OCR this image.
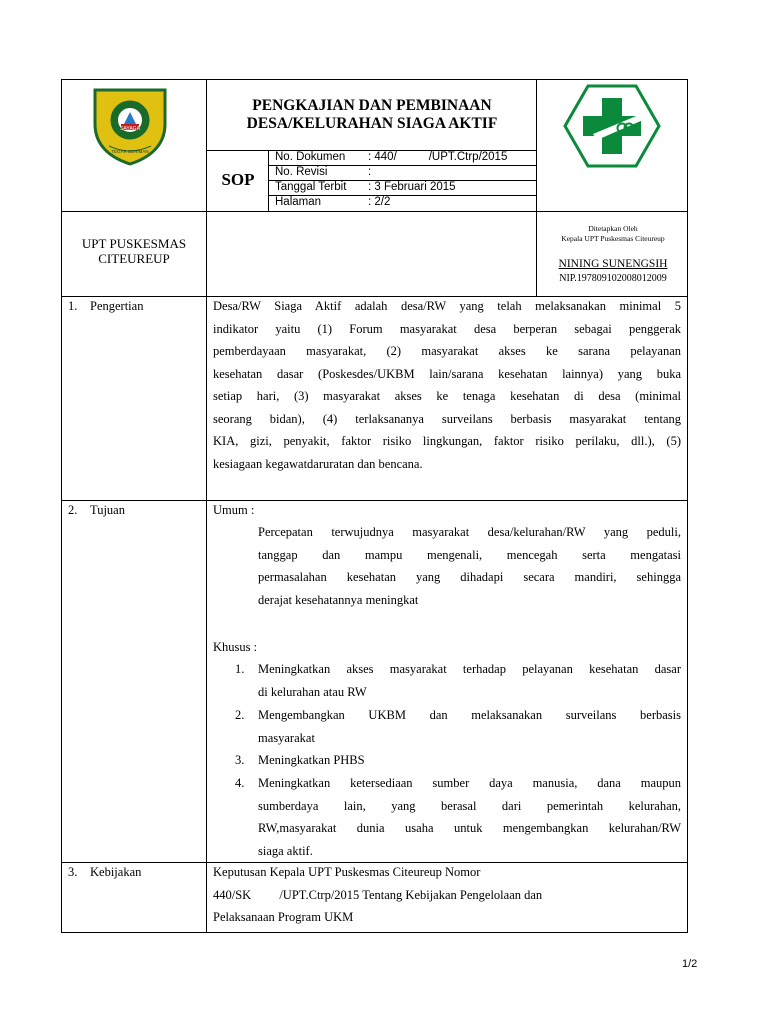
SAYAGA
TEGAR BERIMAN
PENGKAJIAN DAN PEMBINAAN DESA/KELURAHAN SIAGA AKTIF
SOP
No. Dokumen : 440/          /UPT.Ctrp/2015
No. Revisi	:
Tanggal Terbit : 3 Februari 2015
Halaman	: 2/2
UPT PUSKESMAS CITEUREUP
Ditetapkan Oleh
Kepala UPT Puskesmas Citeureup
NINING SUNENGSIH
NIP.197809102008012009
1. Pengertian	Desa/RW Siaga Aktif adalah desa/RW yang telah melaksanakan minimal 5
indikator yaitu (1) Forum masyarakat desa berperan sebagai penggerak
pemberdayaan masyarakat, (2) masyarakat akses ke sarana pelayanan
kesehatan dasar (Poskesdes/UKBM lain/sarana kesehatan lainnya) yang buka
setiap hari, (3) masyarakat akses ke tenaga kesehatan di desa (minimal
seorang bidan), (4) terlaksananya surveilans berbasis masyarakat tentang
KIA, gizi, penyakit, faktor risiko lingkungan, faktor risiko perilaku, dll.), (5)
kesiagaan kegawatdaruratan dan bencana.
2. Tujuan	Umum :
Percepatan terwujudnya masyarakat desa/kelurahan/RW yang peduli,
tanggap dan mampu mengenali, mencegah serta mengatasi
permasalahan kesehatan yang dihadapi secara mandiri, sehingga
derajat kesehatannya meningkat
Khusus :
1. Meningkatkan akses masyarakat terhadap pelayanan kesehatan dasar
di kelurahan atau RW
2. Mengembangkan UKBM dan melaksanakan surveilans berbasis
masyarakat
3. Meningkatkan PHBS
4. Meningkatkan ketersediaan sumber daya manusia, dana maupun
sumberdaya lain, yang berasal dari pemerintah kelurahan,
RW,masyarakat dunia usaha untuk mengembangkan kelurahan/RW
siaga aktif.
3. Kebijakan	Keputusan Kepala UPT Puskesmas Citeureup Nomor
440/SK         /UPT.Ctrp/2015 Tentang Kebijakan Pengelolaan dan
Pelaksanaan Program UKM
1/2
